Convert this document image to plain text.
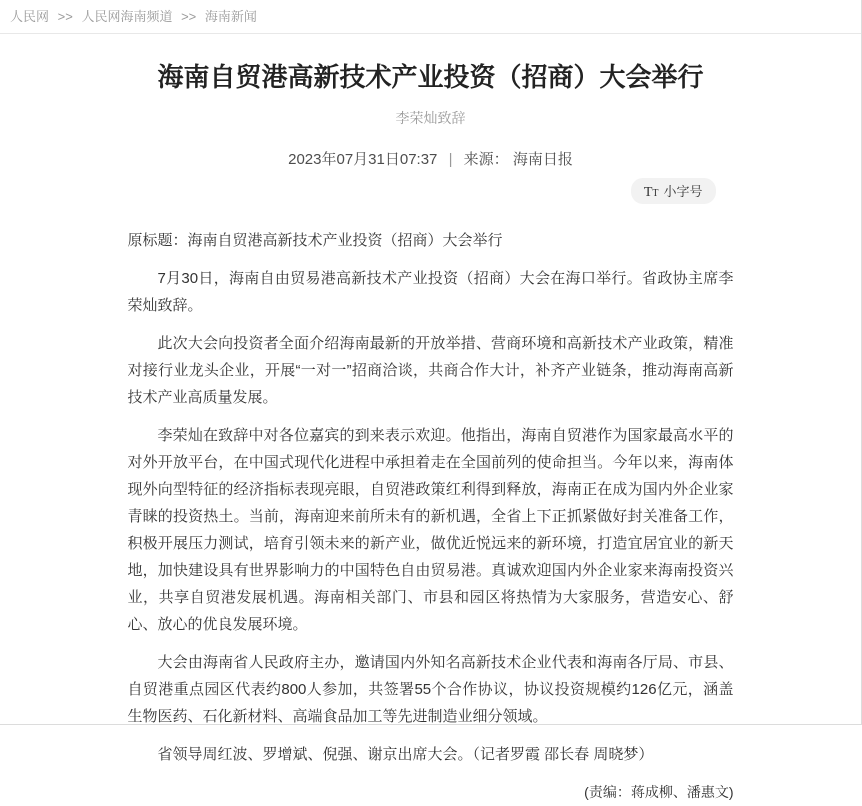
人民网 >> 人民网海南频道 >> 海南新闻
海南自贸港高新技术产业投资（招商）大会举行
李荣灿致辞
2023年07月31日07:37 | 来源： 海南日报
T T 小字号

原标题：海南自贸港高新技术产业投资（招商）大会举行

7月30日，海南自由贸易港高新技术产业投资（招商）大会在海口举行。省政协主席李荣灿致辞。

此次大会向投资者全面介绍海南最新的开放举措、营商环境和高新技术产业政策，精准对接行业龙头企业，开展“一对一”招商洽谈，共商合作大计，补齐产业链条，推动海南高新技术产业高质量发展。

李荣灿在致辞中对各位嘉宾的到来表示欢迎。他指出，海南自贸港作为国家最高水平的对外开放平台，在中国式现代化进程中承担着走在全国前列的使命担当。今年以来，海南体现外向型特征的经济指标表现亮眼，自贸港政策红利得到释放，海南正在成为国内外企业家青睐的投资热土。当前，海南迎来前所未有的新机遇，全省上下正抓紧做好封关准备工作，积极开展压力测试，培育引领未来的新产业，做优近悦远来的新环境，打造宜居宜业的新天地，加快建设具有世界影响力的中国特色自由贸易港。真诚欢迎国内外企业家来海南投资兴业，共享自贸港发展机遇。海南相关部门、市县和园区将热情为大家服务，营造安心、舒心、放心的优良发展环境。

大会由海南省人民政府主办，邀请国内外知名高新技术企业代表和海南各厅局、市县、自贸港重点园区代表约800人参加，共签署55个合作协议，协议投资规模约126亿元，涵盖生物医药、石化新材料、高端食品加工等先进制造业细分领域。

省领导周红波、罗增斌、倪强、谢京出席大会。（记者罗霞 邵长春 周晓梦）

(责编：蒋成柳、潘惠文)
